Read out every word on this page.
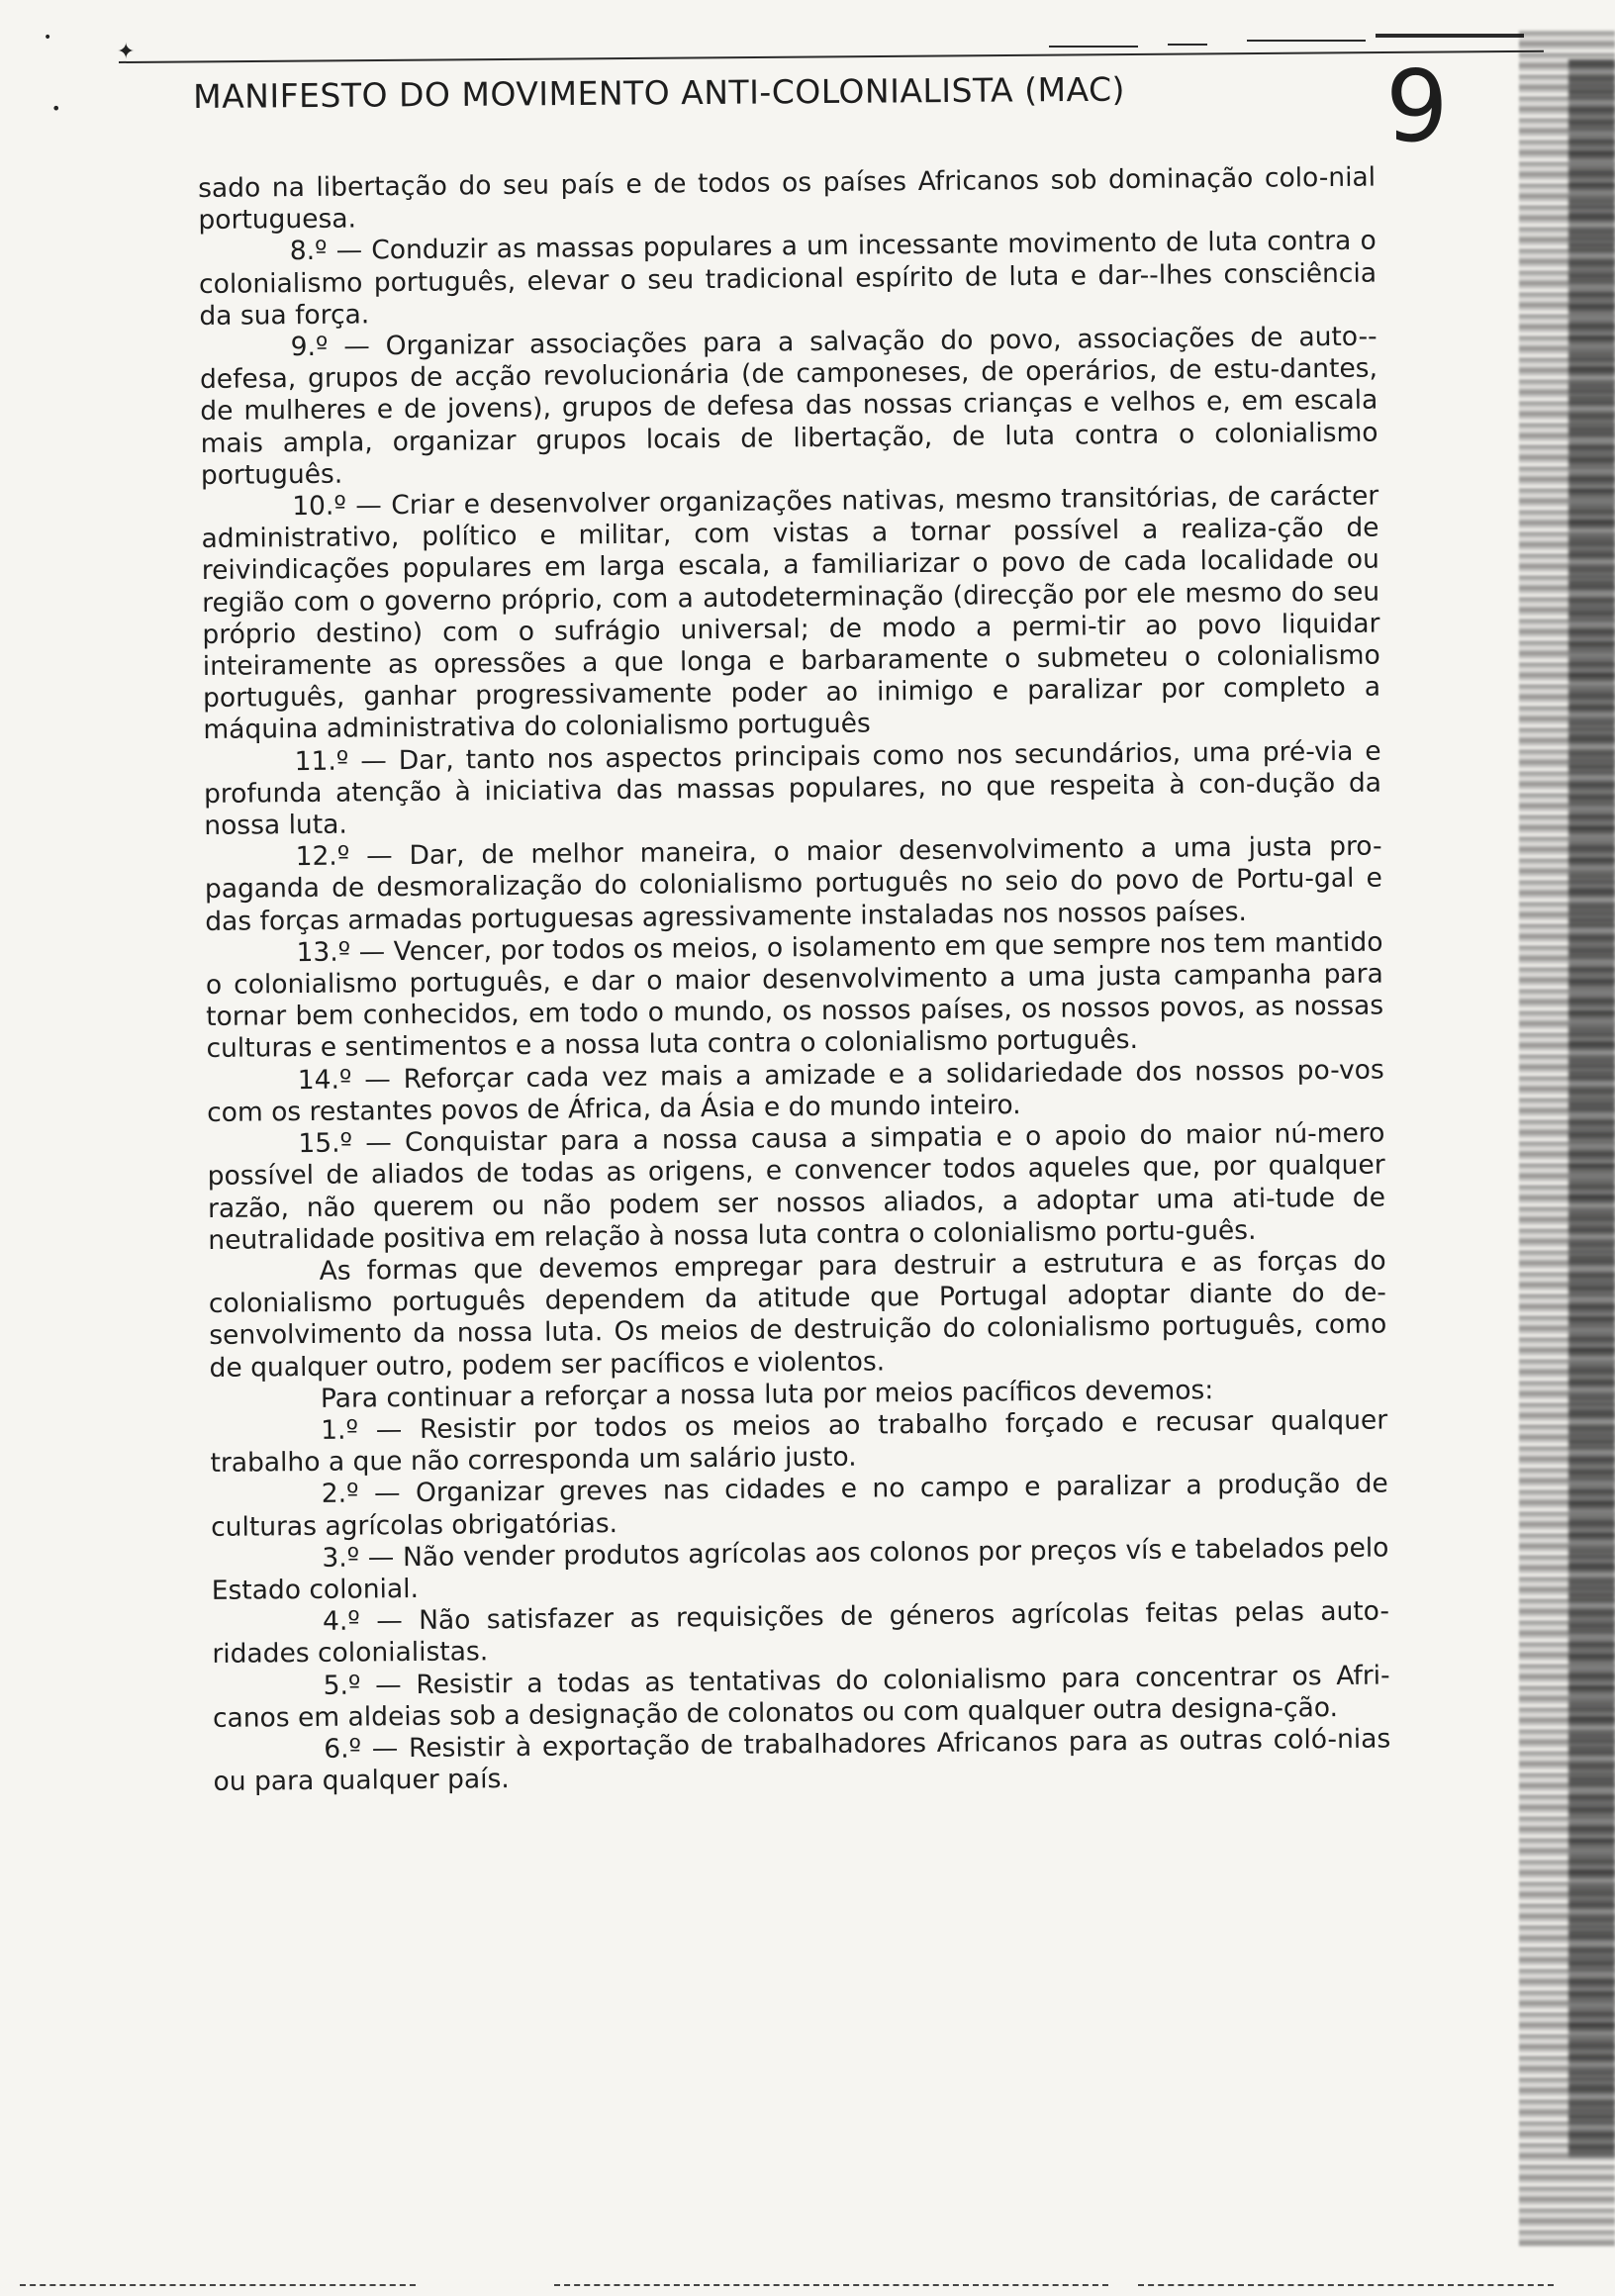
✦
•
•
MANIFESTO DO MOVIMENTO ANTI-COLONIALISTA (MAC)	9

sado na libertação do seu país e de todos os países Africanos sob dominação colo-nial portuguesa.

8.º — Conduzir as massas populares a um incessante movimento de luta contra o colonialismo português, elevar o seu tradicional espírito de luta e dar--lhes consciência da sua força.

9.º — Organizar associações para a salvação do povo, associações de auto--defesa, grupos de acção revolucionária (de camponeses, de operários, de estu-dantes, de mulheres e de jovens), grupos de defesa das nossas crianças e velhos e, em escala mais ampla, organizar grupos locais de libertação, de luta contra o colonialismo português.

10.º — Criar e desenvolver organizações nativas, mesmo transitórias, de carácter administrativo, político e militar, com vistas a tornar possível a realiza-ção de reivindicações populares em larga escala, a familiarizar o povo de cada localidade ou região com o governo próprio, com a autodeterminação (direcção por ele mesmo do seu próprio destino) com o sufrágio universal; de modo a permi-tir ao povo liquidar inteiramente as opressões a que longa e barbaramente o submeteu o colonialismo português, ganhar progressivamente poder ao inimigo e paralizar por completo a máquina administrativa do colonialismo português

11.º — Dar, tanto nos aspectos principais como nos secundários, uma pré-via e profunda atenção à iniciativa das massas populares, no que respeita à con-dução da nossa luta.

12.º — Dar, de melhor maneira, o maior desenvolvimento a uma justa pro-paganda de desmoralização do colonialismo português no seio do povo de Portu-gal e das forças armadas portuguesas agressivamente instaladas nos nossos países.

13.º — Vencer, por todos os meios, o isolamento em que sempre nos tem mantido o colonialismo português, e dar o maior desenvolvimento a uma justa campanha para tornar bem conhecidos, em todo o mundo, os nossos países, os nossos povos, as nossas culturas e sentimentos e a nossa luta contra o colonialismo português.

14.º — Reforçar cada vez mais a amizade e a solidariedade dos nossos po-vos com os restantes povos de África, da Ásia e do mundo inteiro.

15.º — Conquistar para a nossa causa a simpatia e o apoio do maior nú-mero possível de aliados de todas as origens, e convencer todos aqueles que, por qualquer razão, não querem ou não podem ser nossos aliados, a adoptar uma ati-tude de neutralidade positiva em relação à nossa luta contra o colonialismo portu-guês.

As formas que devemos empregar para destruir a estrutura e as forças do colonialismo português dependem da atitude que Portugal adoptar diante do de-senvolvimento da nossa luta. Os meios de destruição do colonialismo português, como de qualquer outro, podem ser pacíficos e violentos.

Para continuar a reforçar a nossa luta por meios pacíficos devemos:

1.º — Resistir por todos os meios ao trabalho forçado e recusar qualquer trabalho a que não corresponda um salário justo.

2.º — Organizar greves nas cidades e no campo e paralizar a produção de culturas agrícolas obrigatórias.

3.º — Não vender produtos agrícolas aos colonos por preços vís e tabelados pelo Estado colonial.

4.º — Não satisfazer as requisições de géneros agrícolas feitas pelas auto-ridades colonialistas.

5.º — Resistir a todas as tentativas do colonialismo para concentrar os Afri-canos em aldeias sob a designação de colonatos ou com qualquer outra designa-ção.

6.º — Resistir à exportação de trabalhadores Africanos para as outras coló-nias ou para qualquer país.
